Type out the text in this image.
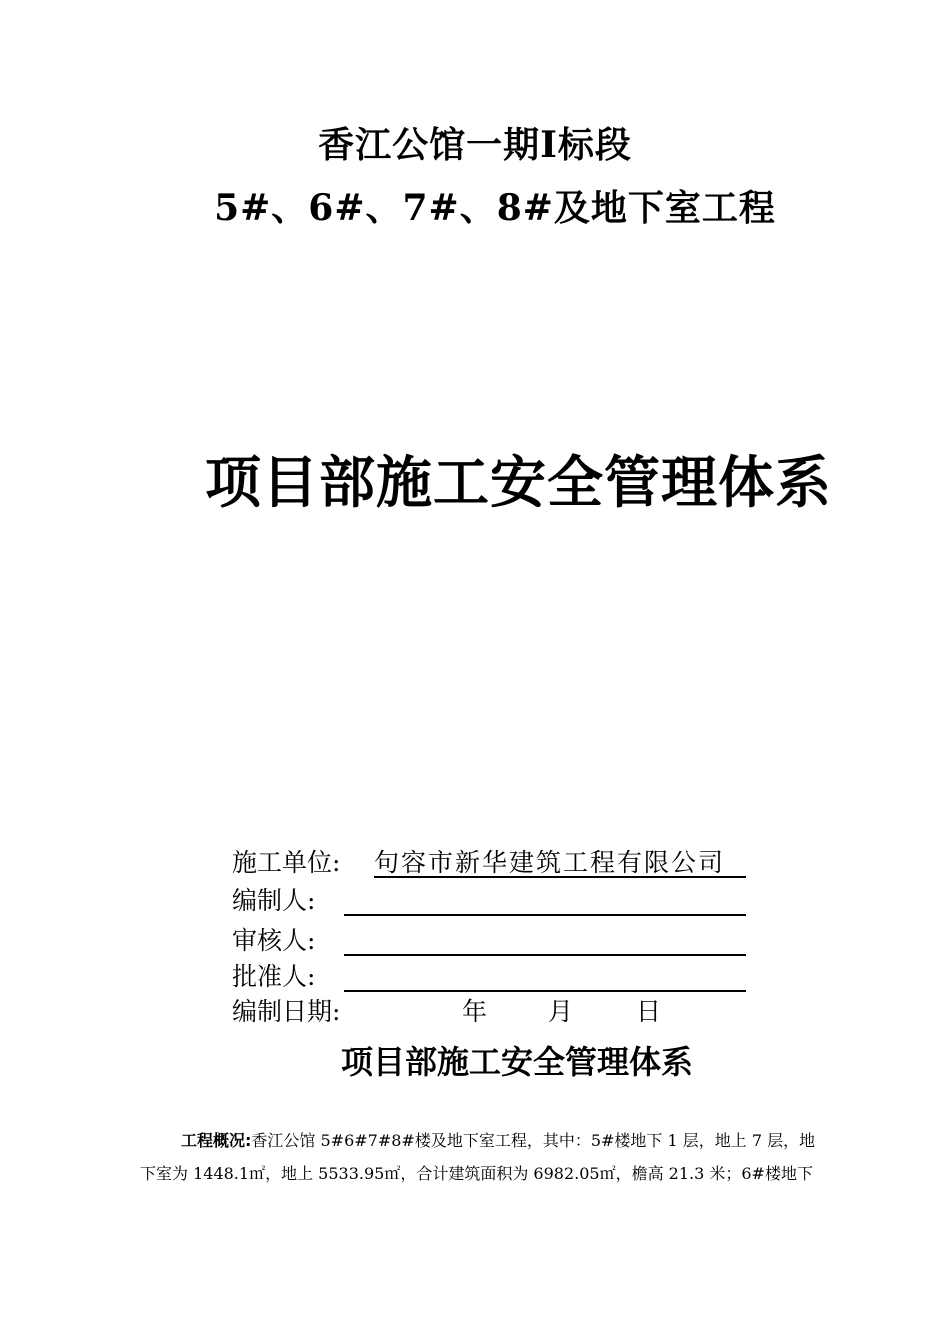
香江公馆一期Ⅰ标段
5#、6#、7#、8#及地下室工程
项目部施工安全管理体系
施工单位: 句容市新华建筑工程有限公司
编制人:
审核人:
批准人:
编制日期:	年 月	日
项目部施工安全管理体系
工程概况:香江公馆 5#6#7#8#楼及地下室工程，其中：5#楼地下 1 层，地上 7 层，地
下室为 1448.1㎡，地上 5533.95㎡，合计建筑面积为 6982.05㎡，檐高 21.3 米；6#楼地下
